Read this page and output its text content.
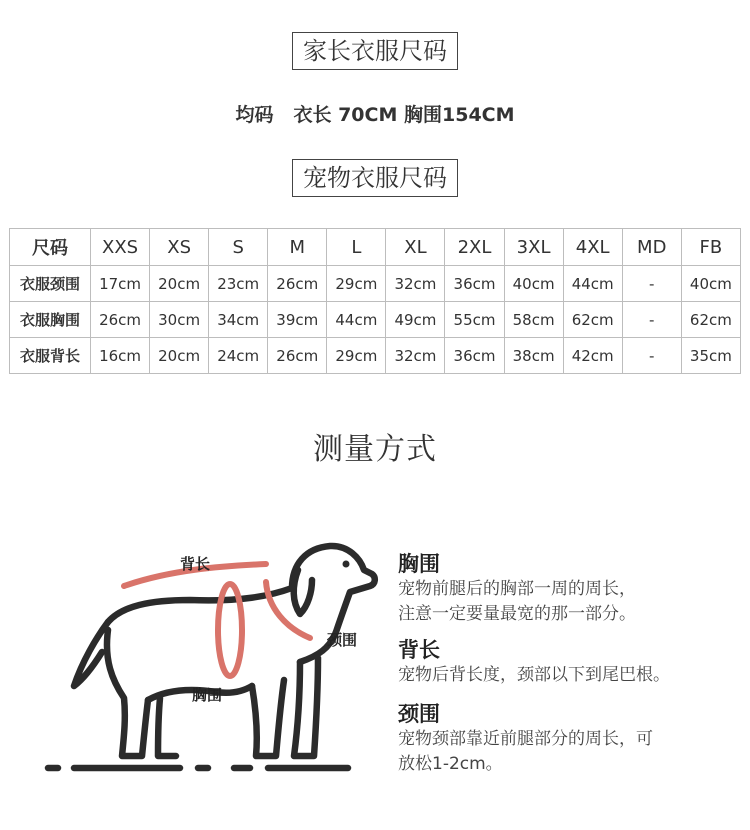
家长衣服尺码
均码 衣长 70CM 胸围154CM
宠物衣服尺码
尺码	XXS	XS	S	M	L	XL	2XL	3XL	4XL	MD	FB
衣服颈围	17cm	20cm	23cm	26cm	29cm	32cm	36cm	40cm	44cm	-	40cm
衣服胸围	26cm	30cm	34cm	39cm	44cm	49cm	55cm	58cm	62cm	-	62cm
衣服背长	16cm	20cm	24cm	26cm	29cm	32cm	36cm	38cm	42cm	-	35cm
测量方式
背长
颈围
胸围
胸围
宠物前腿后的胸部一周的周长，
注意一定要量最宽的那一部分。
背长
宠物后背长度，颈部以下到尾巴根。
颈围
宠物颈部靠近前腿部分的周长，可
放松1-2cm。
